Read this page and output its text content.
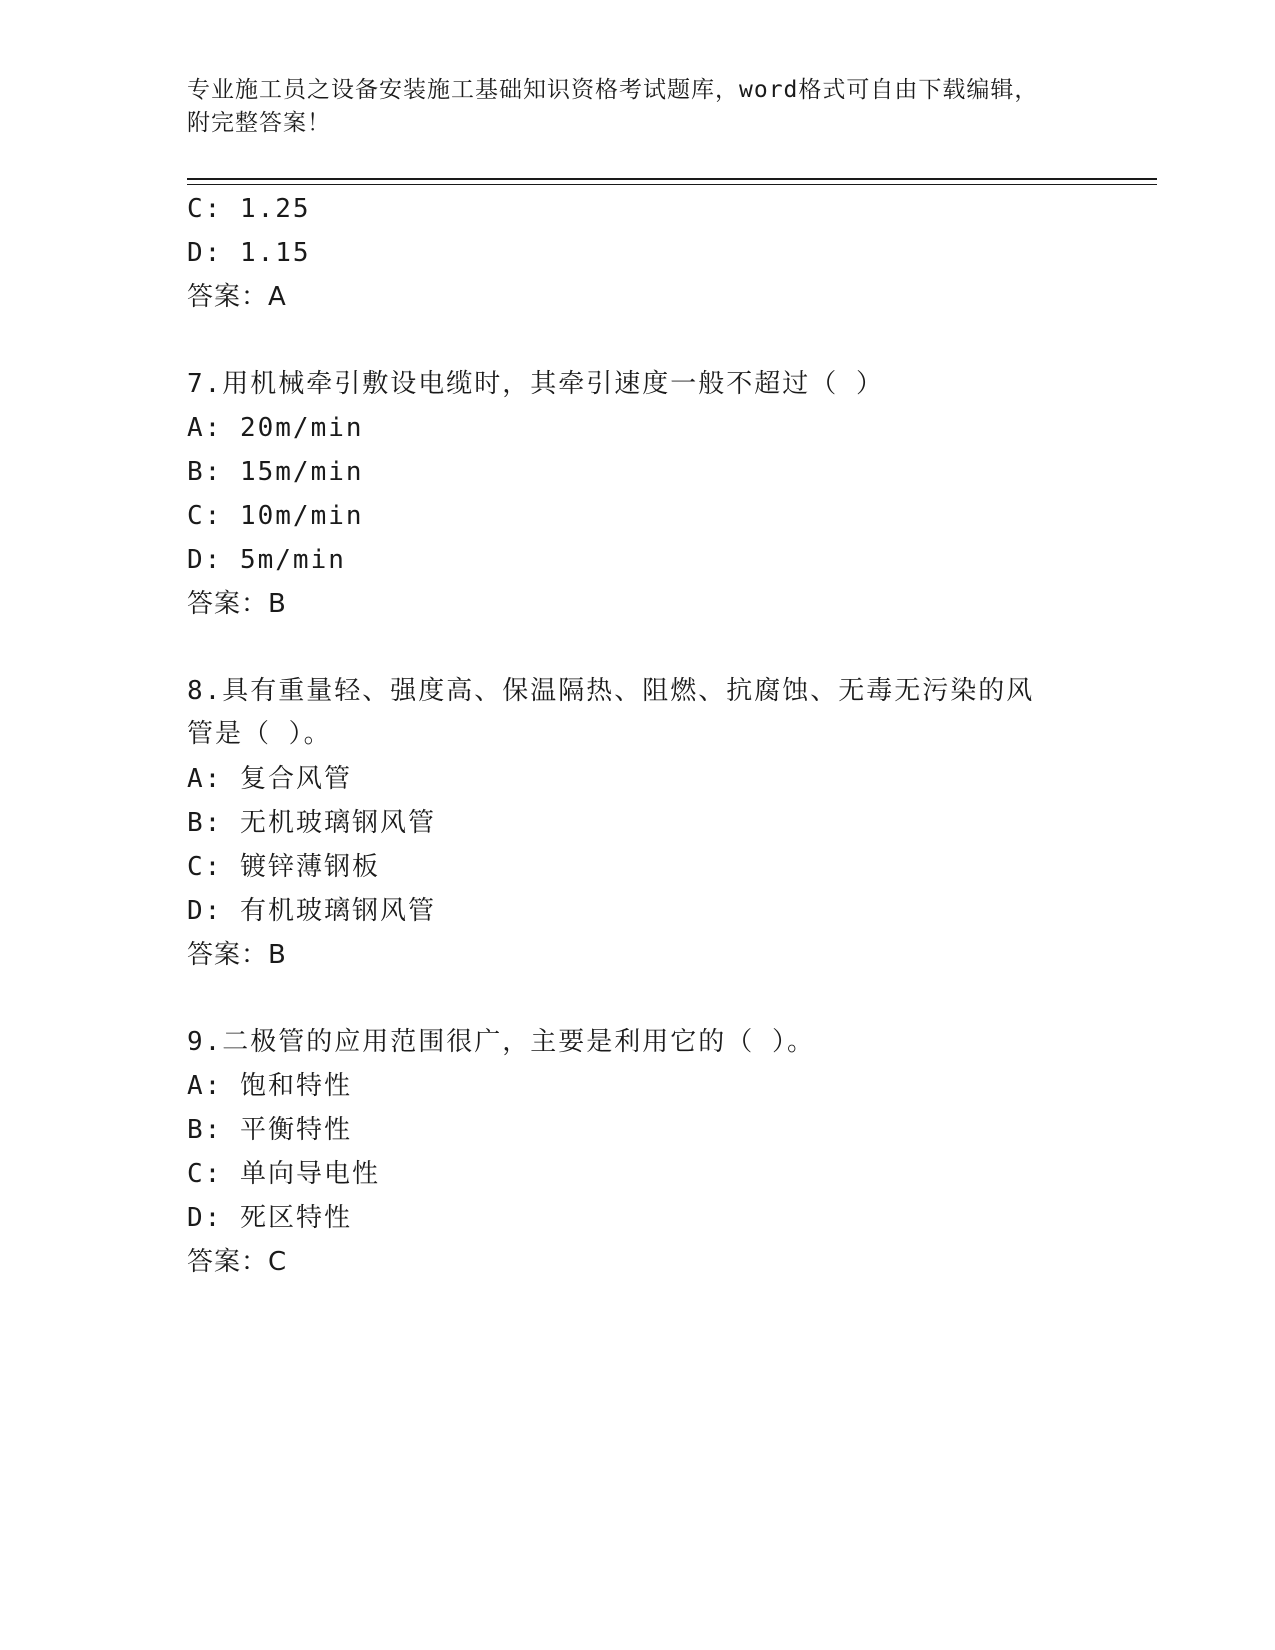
专业施工员之设备安装施工基础知识资格考试题库，word格式可自由下载编辑，
附完整答案！
C: 1.25
D: 1.15
答案：A
7.用机械牵引敷设电缆时，其牵引速度一般不超过（ ）
A: 20m/min
B: 15m/min
C: 10m/min
D: 5m/min
答案：B
8.具有重量轻、强度高、保温隔热、阻燃、抗腐蚀、无毒无污染的风
管是（ ）。
A: 复合风管
B: 无机玻璃钢风管
C: 镀锌薄钢板
D: 有机玻璃钢风管
答案：B
9.二极管的应用范围很广，主要是利用它的（ ）。
A: 饱和特性
B: 平衡特性
C: 单向导电性
D: 死区特性
答案：C
